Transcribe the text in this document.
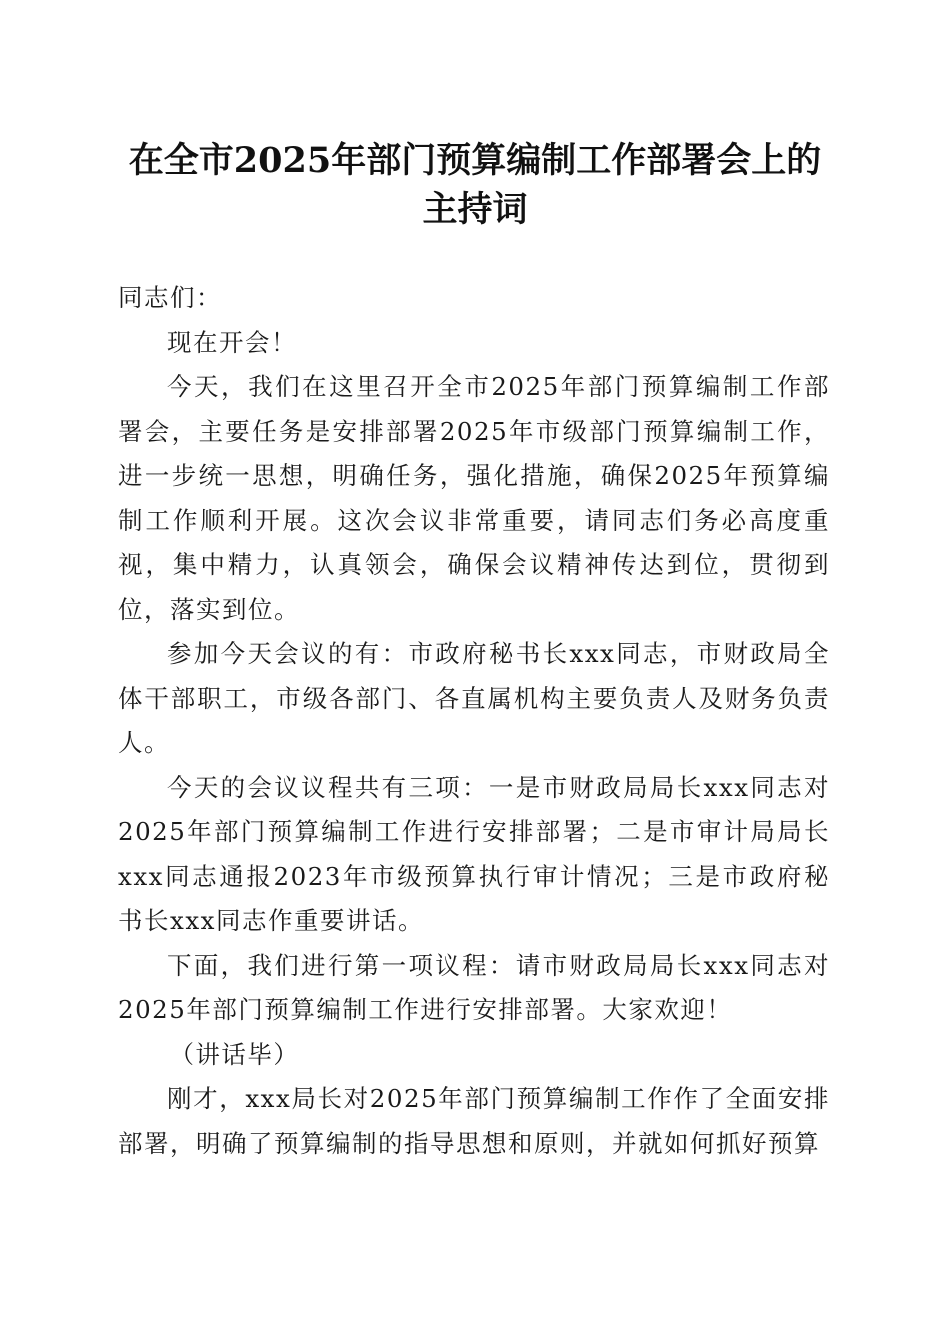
在全市2025年部门预算编制工作部署会上的
主持词

同志们：

现在开会！

今天，我们在这里召开全市2025年部门预算编制工作部署会，主要任务是安排部署2025年市级部门预算编制工作，进一步统一思想，明确任务，强化措施，确保2025年预算编制工作顺利开展。这次会议非常重要，请同志们务必高度重视，集中精力，认真领会，确保会议精神传达到位，贯彻到位，落实到位。

参加今天会议的有：市政府秘书长xxx同志，市财政局全体干部职工，市级各部门、各直属机构主要负责人及财务负责人。

今天的会议议程共有三项：一是市财政局局长xxx同志对2025年部门预算编制工作进行安排部署；二是市审计局局长xxx同志通报2023年市级预算执行审计情况；三是市政府秘书长xxx同志作重要讲话。

下面，我们进行第一项议程：请市财政局局长xxx同志对2025年部门预算编制工作进行安排部署。大家欢迎！

（讲话毕）

刚才，xxx局长对2025年部门预算编制工作作了全面安排部署，明确了预算编制的指导思想和原则，并就如何抓好预算
